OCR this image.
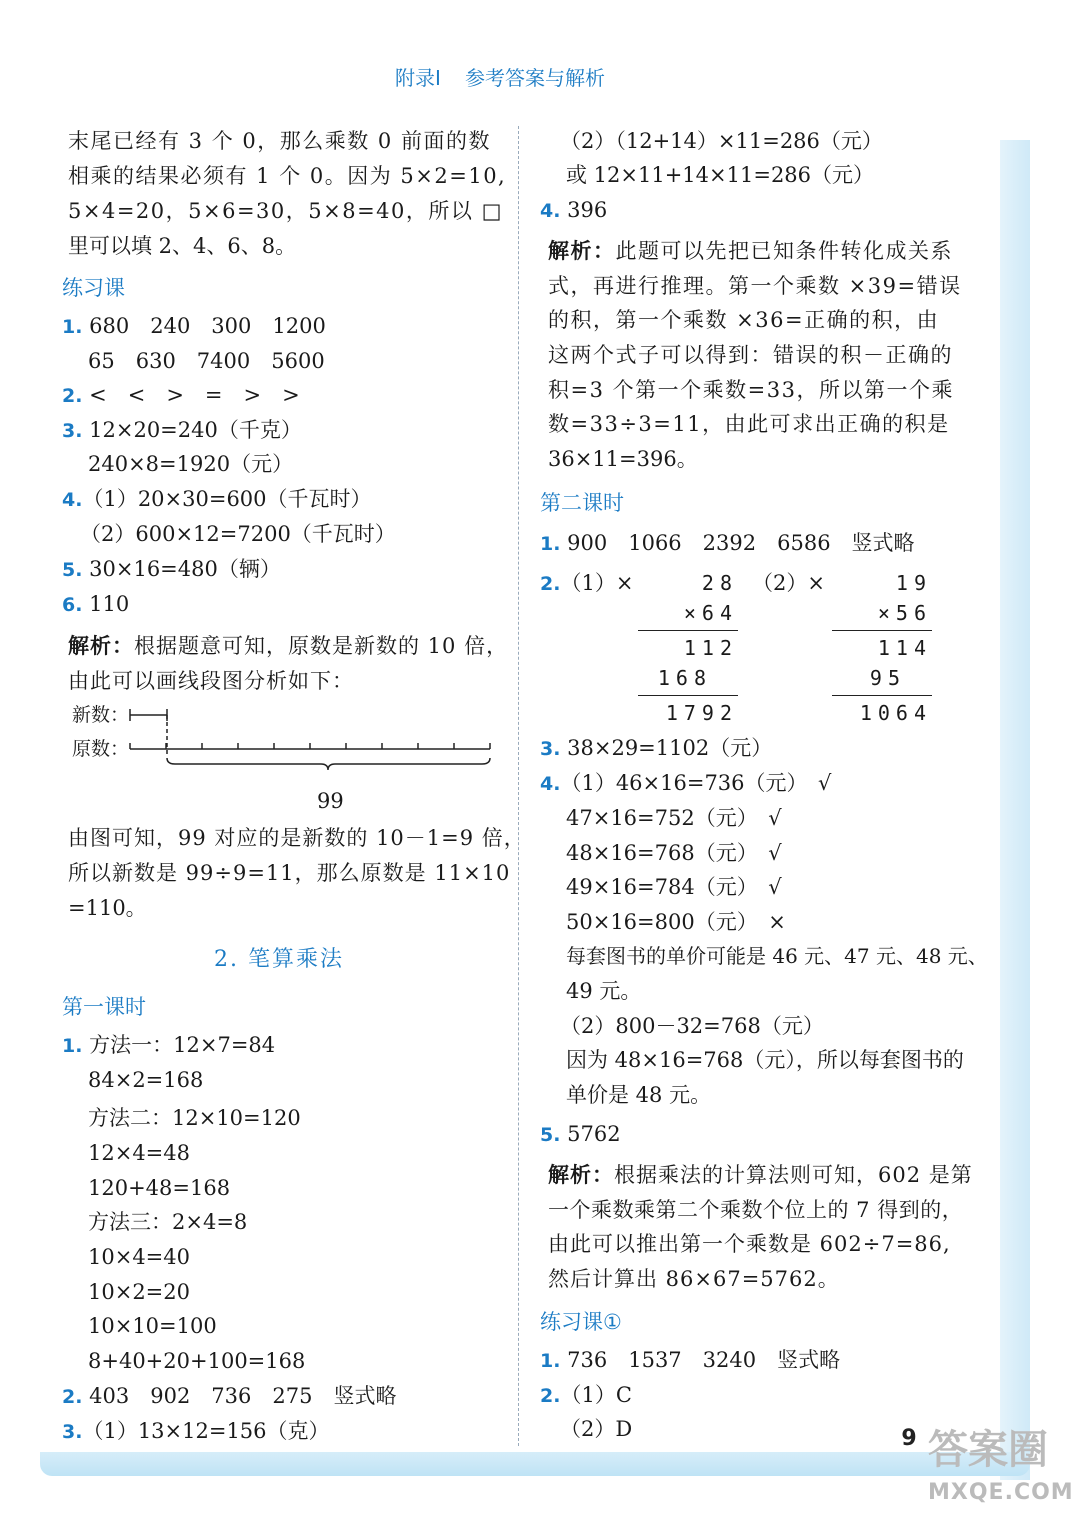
附录Ⅰ 参考答案与解析
末尾已经有 3 个 0，那么乘数 0 前面的数
相乘的结果必须有 1 个 0。因为 5×2=10,
5×4=20，5×6=30，5×8=40，所以 □
里可以填 2、4、6、8。
练习课
1. 680　240　300　1200
65　630　7400　5600
2. <　<　>　=　>　>
3. 12×20=240（千克）
240×8=1920（元）
4.（1）20×30=600（千瓦时）
（2）600×12=7200（千瓦时）
5. 30×16=480（辆）
6. 110
解析：根据题意可知，原数是新数的 10 倍，
由此可以画线段图分析如下：
新数：
原数：
99
由图可知，99 对应的是新数的 10－1=9 倍，
所以新数是 99÷9=11，那么原数是 11×10
=110。
2. 笔算乘法
第一课时
1. 方法一：12×7=84
84×2=168
方法二：12×10=120
12×4=48
120+48=168
方法三：2×4=8
10×4=40
10×2=20
10×10=100
8+40+20+100=168
2. 403　902　736　275　竖式略
3.（1）13×12=156（克）
（2）（12+14）×11=286（元）
或 12×11+14×11=286（元）
4. 396
解析：此题可以先把已知条件转化成关系
式，再进行推理。第一个乘数 ×39=错误
的积，第一个乘数 ×36=正确的积，由
这两个式子可以得到：错误的积－正确的
积=3 个第一个乘数=33，所以第一个乘
数=33÷3=11，由此可求出正确的积是
36×11=396。
第二课时
1. 900　1066　2392　6586　竖式略
2.（1）×	（2）×
28
×64
112
168
1792
19
×56
114
95
1064
3. 38×29=1102（元）
4.（1）46×16=736（元）　√
47×16=752（元）　√
48×16=768（元）　√
49×16=784（元）　√
50×16=800（元）　×
每套图书的单价可能是 46 元、47 元、48 元、
49 元。
（2）800－32=768（元）
因为 48×16=768（元），所以每套图书的
单价是 48 元。
5. 5762
解析：根据乘法的计算法则可知，602 是第
一个乘数乘第二个乘数个位上的 7 得到的，
由此可以推出第一个乘数是 602÷7=86,
然后计算出 86×67=5762。
练习课①
1. 736　1537　3240　竖式略
2.（1）C
（2）D	9 答案圈
MXQE.COM
